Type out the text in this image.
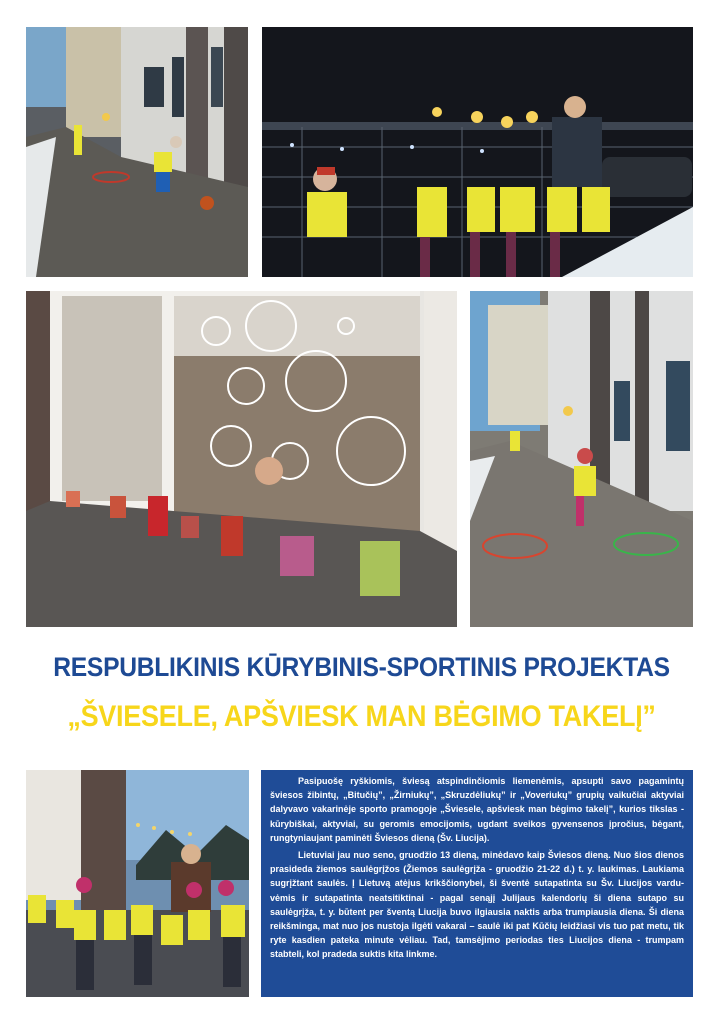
RESPUBLIKINIS KŪRYBINIS-SPORTINIS PROJEKTAS
„ŠVIESELE, APŠVIESK MAN BĖGIMO TAKELĮ”

Pasipuošę ryškiomis, šviesą atspindinčiomis liemenėmis, apsupti savo pagamintų šviesos žibintų, „Bitučių”, „Žirniukų”, „Skruzdėliukų” ir „Voveriukų” grupių vaikučiai aktyviai dalyvavo vakarinėje sporto pramogoje „Šviesele, apšviesk man bėgimo takelį”, kurios tikslas - kūrybiškai, aktyviai, su geromis emocijomis, ugdant sveikos gyvensenos įpročius, bėgant, rungtyniaujant paminėti Šviesos dieną (Šv. Liucija).

Lietuviai jau nuo seno, gruodžio 13 dieną, minėdavo kaip Šviesos dieną. Nuo šios dienos prasideda žiemos saulėgrįžos (Žiemos saulėgrįža - gruodžio 21-22 d.) t. y. laukimas. Laukiama sugrįžtant saulės. Į Lietuvą atėjus krikščionybei, ši šventė sutapatinta su Šv. Liucijos varduvėmis ir sutapatinta neatsitiktinai - pagal senąjį Julijaus kalendorių ši diena sutapo su saulėgrįža, t. y. būtent per šventą Liucija buvo ilgiausia naktis arba trumpiausia diena. Ši diena reikšminga, mat nuo jos nustoja ilgėti vakarai – saulė iki pat Kūčių leidžiasi vis tuo pat metu, tik ryte kasdien pateka minute vėliau. Tad, tamsėjimo periodas ties Liucijos diena - trumpam stabteli, kol pradeda suktis kita linkme.
